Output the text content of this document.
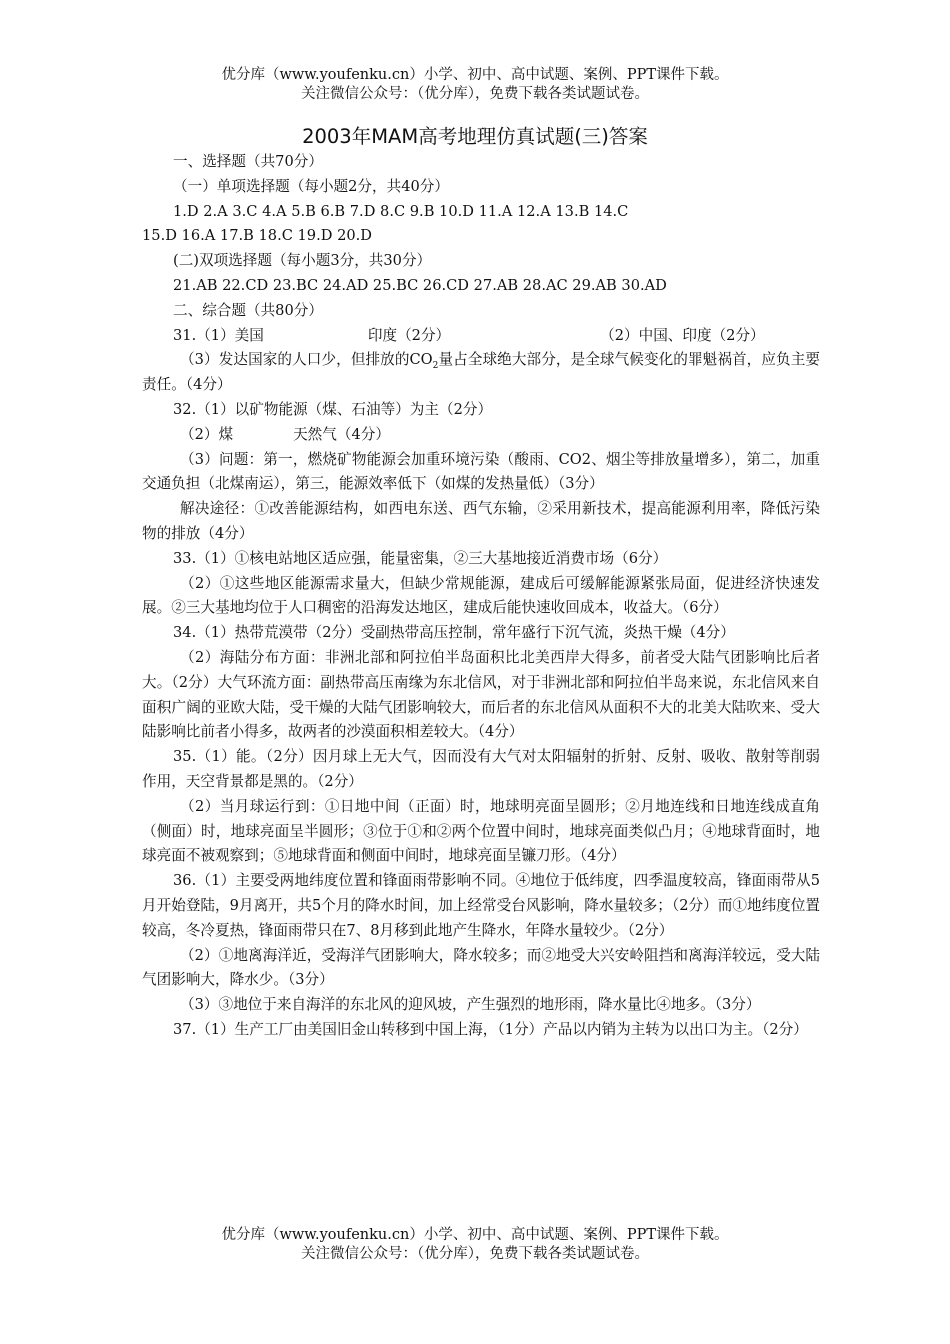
优分库（www.youfenku.cn）小学、初中、高中试题、案例、PPT课件下载。
关注微信公众号：（优分库），免费下载各类试题试卷。
2003年MAM高考地理仿真试题(三)答案

一、选择题（共70分）

（一）单项选择题（每小题2分，共40分）

1.D 2.A 3.C 4.A 5.B 6.B 7.D 8.C 9.B 10.D 11.A 12.A 13.B 14.C

15.D 16.A 17.B 18.C 19.D 20.D

(二)双项选择题（每小题3分，共30分）

21.AB 22.CD 23.BC 24.AD 25.BC 26.CD 27.AB 28.AC 29.AB 30.AD

二、综合题（共80分）

31.（1）美国	印度（2分）	（2）中国、印度（2分）

（3）发达国家的人口少，但排放的$CO_2$量占全球绝大部分，是全球气候变化的罪魁祸首，应负主要责任。（4分）

32.（1）以矿物能源（煤、石油等）为主（2分）

（2）煤	天然气（4分）

（3）问题：第一，燃烧矿物能源会加重环境污染（酸雨、CO2、烟尘等排放量增多），第二，加重交通负担（北煤南运），第三，能源效率低下（如煤的发热量低）（3分）

解决途径：①改善能源结构，如西电东送、西气东输，②采用新技术，提高能源利用率，降低污染物的排放（4分）

33.（1）①核电站地区适应强，能量密集，②三大基地接近消费市场（6分）

（2）①这些地区能源需求量大，但缺少常规能源，建成后可缓解能源紧张局面，促进经济快速发展。②三大基地均位于人口稠密的沿海发达地区，建成后能快速收回成本，收益大。（6分）

34.（1）热带荒漠带（2分）受副热带高压控制，常年盛行下沉气流，炎热干燥（4分）

（2）海陆分布方面：非洲北部和阿拉伯半岛面积比北美西岸大得多，前者受大陆气团影响比后者大。（2分）大气环流方面：副热带高压南缘为东北信风，对于非洲北部和阿拉伯半岛来说，东北信风来自面积广阔的亚欧大陆，受干燥的大陆气团影响较大，而后者的东北信风从面积不大的北美大陆吹来、受大陆影响比前者小得多，故两者的沙漠面积相差较大。（4分）

35.（1）能。（2分）因月球上无大气，因而没有大气对太阳辐射的折射、反射、吸收、散射等削弱作用，天空背景都是黑的。（2分）

（2）当月球运行到：①日地中间（正面）时，地球明亮面呈圆形；②月地连线和日地连线成直角（侧面）时，地球亮面呈半圆形；③位于①和②两个位置中间时，地球亮面类似凸月；④地球背面时，地球亮面不被观察到；⑤地球背面和侧面中间时，地球亮面呈镰刀形。（4分）

36.（1）主要受两地纬度位置和锋面雨带影响不同。④地位于低纬度，四季温度较高，锋面雨带从5月开始登陆，9月离开，共5个月的降水时间，加上经常受台风影响，降水量较多；（2分）而①地纬度位置较高，冬冷夏热，锋面雨带只在7、8月移到此地产生降水，年降水量较少。（2分）

（2）①地离海洋近，受海洋气团影响大，降水较多；而②地受大兴安岭阻挡和离海洋较远，受大陆气团影响大，降水少。（3分）

（3）③地位于来自海洋的东北风的迎风坡，产生强烈的地形雨，降水量比④地多。（3分）

37.（1）生产工厂由美国旧金山转移到中国上海，（1分）产品以内销为主转为以出口为主。（2分）

优分库（www.youfenku.cn）小学、初中、高中试题、案例、PPT课件下载。
关注微信公众号：（优分库），免费下载各类试题试卷。
